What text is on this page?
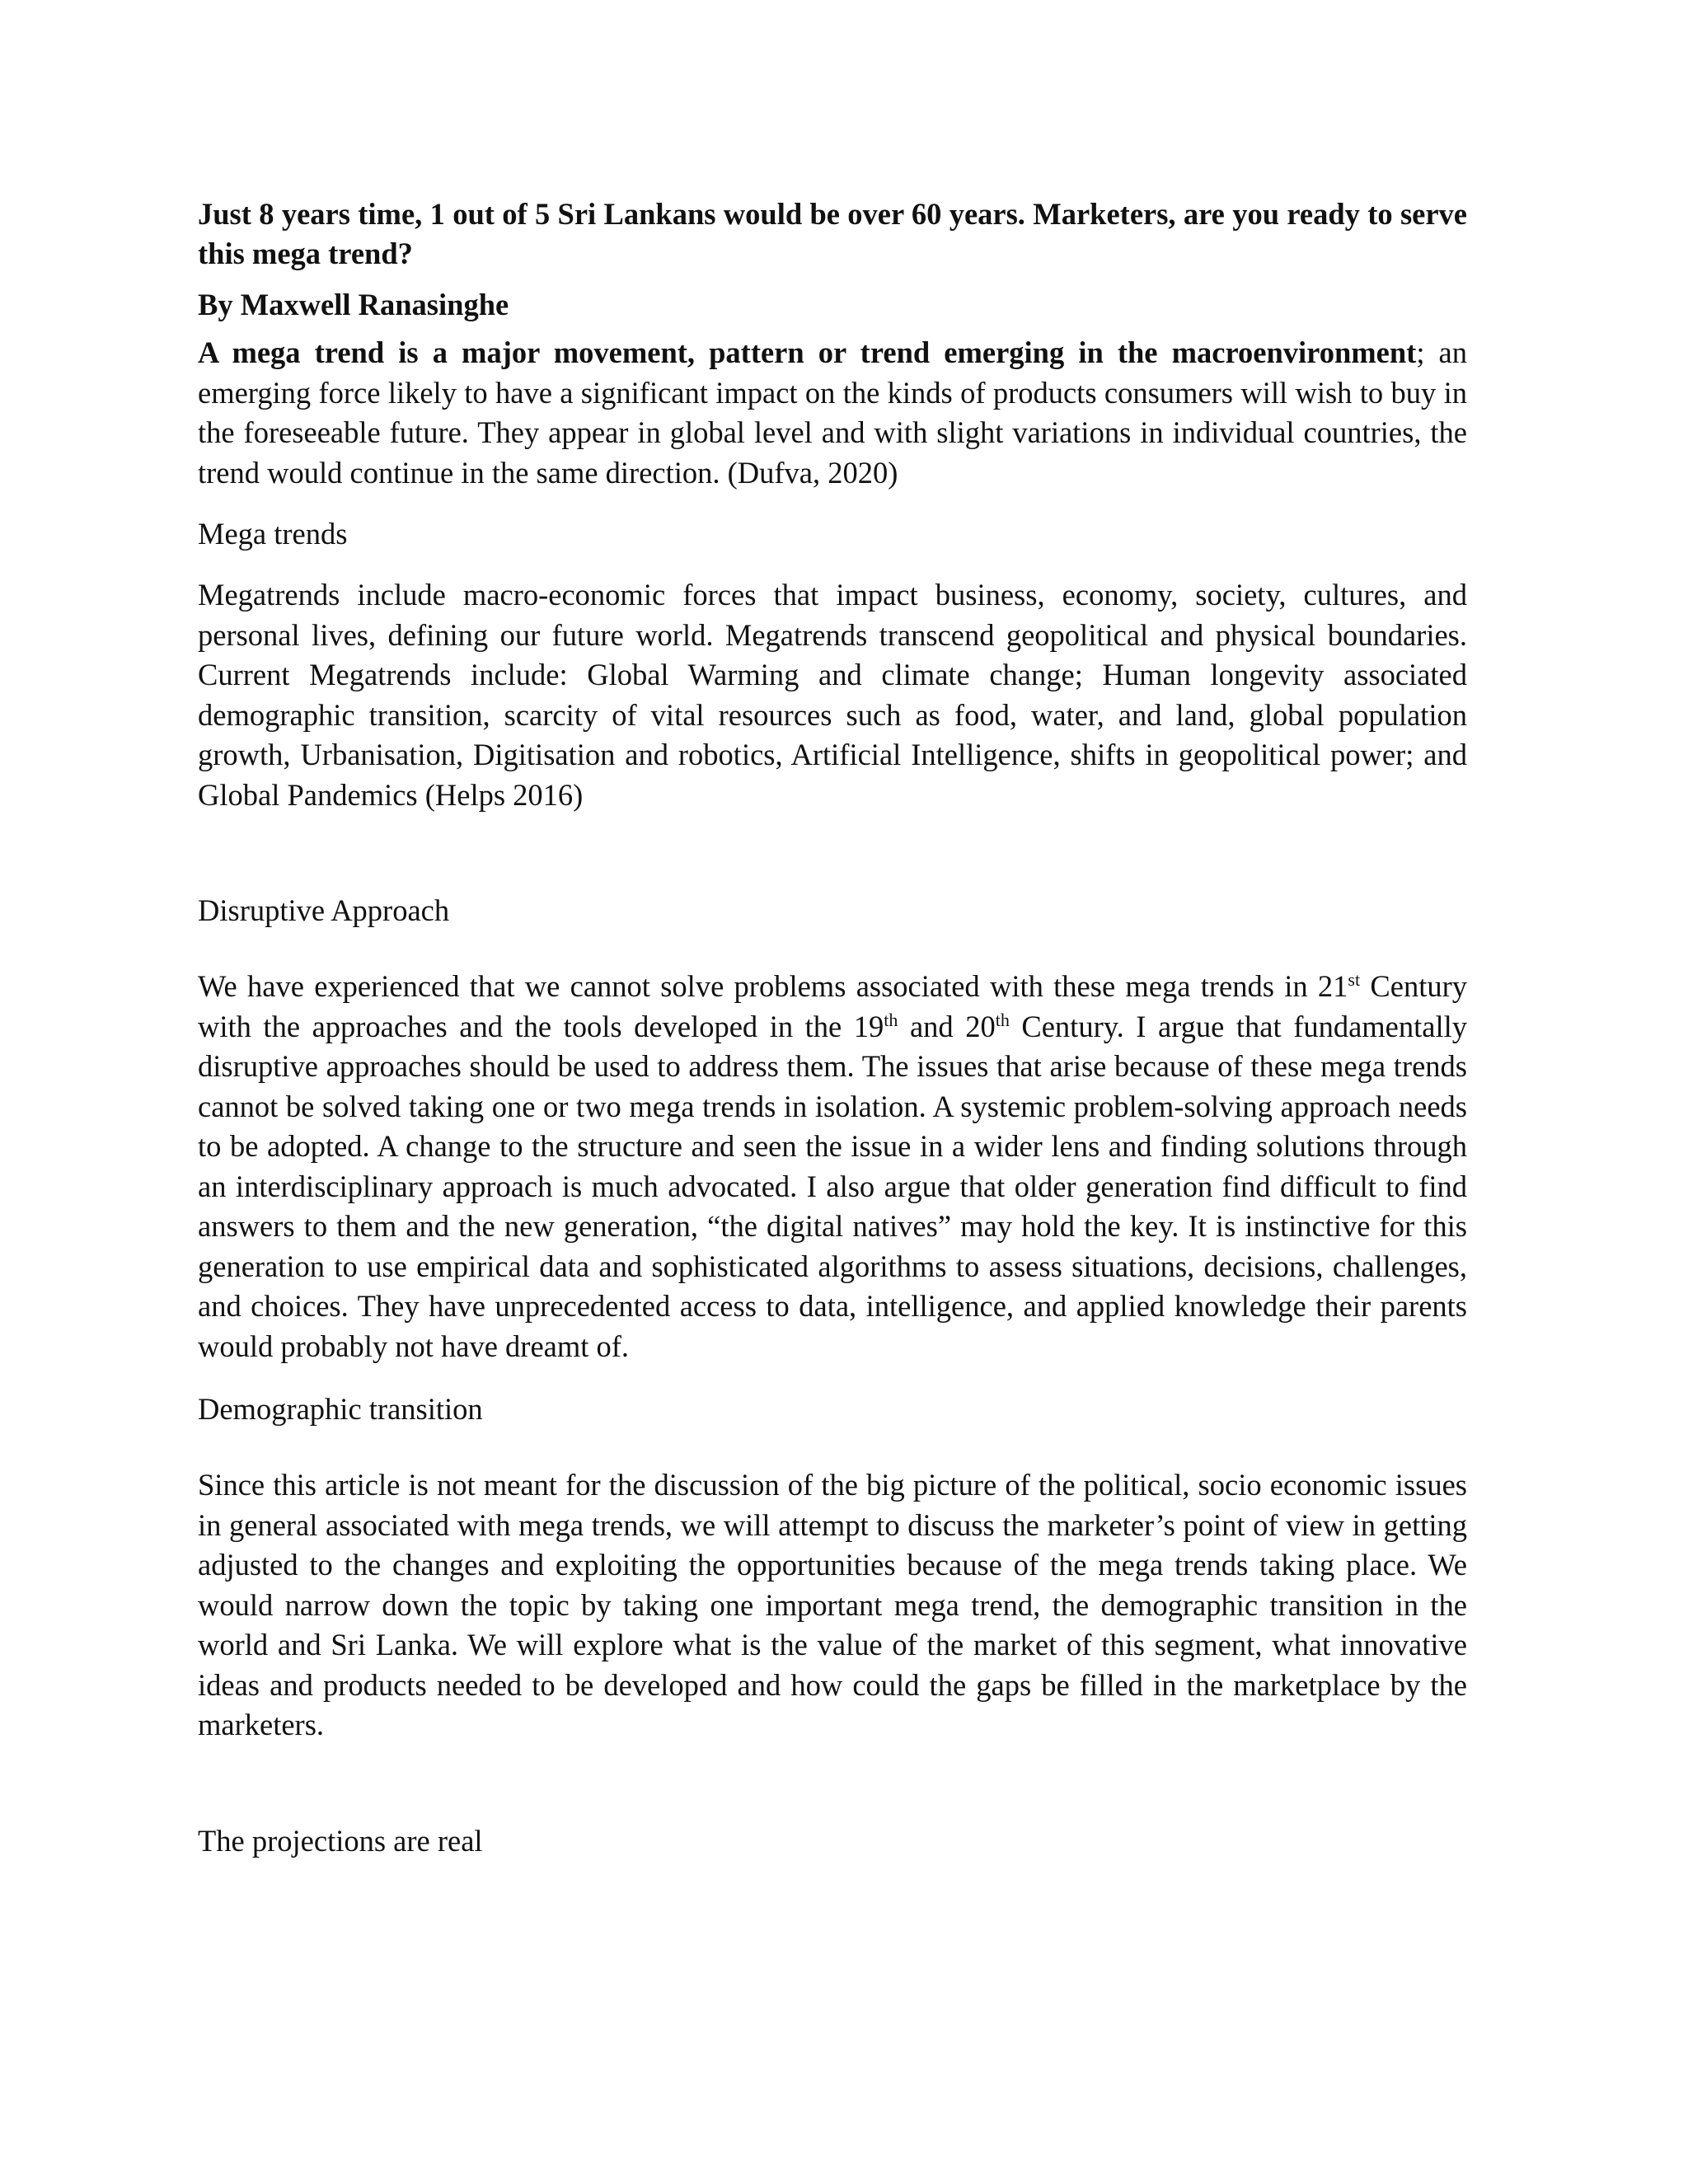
Just 8 years time, 1 out of 5 Sri Lankans would be over 60 years. Marketers, are you ready to serve this mega trend?

By Maxwell Ranasinghe

A mega trend is a major movement, pattern or trend emerging in the macroenvironment; an emerging force likely to have a significant impact on the kinds of products consumers will wish to buy in the foreseeable future. They appear in global level and with slight variations in individual countries, the trend would continue in the same direction. (Dufva, 2020)

Mega trends

Megatrends include macro-economic forces that impact business, economy, society, cultures, and personal lives, defining our future world. Megatrends transcend geopolitical and physical boundaries. Current Megatrends include: Global Warming and climate change; Human longevity associated demographic transition, scarcity of vital resources such as food, water, and land, global population growth, Urbanisation, Digitisation and robotics, Artificial Intelligence, shifts in geopolitical power; and Global Pandemics (Helps 2016)

Disruptive Approach

We have experienced that we cannot solve problems associated with these mega trends in 21st Century with the approaches and the tools developed in the 19th and 20th Century. I argue that fundamentally disruptive approaches should be used to address them. The issues that arise because of these mega trends cannot be solved taking one or two mega trends in isolation. A systemic problem-solving approach needs to be adopted. A change to the structure and seen the issue in a wider lens and finding solutions through an interdisciplinary approach is much advocated. I also argue that older generation find difficult to find answers to them and the new generation, “the digital natives” may hold the key. It is instinctive for this generation to use empirical data and sophisticated algorithms to assess situations, decisions, challenges, and choices. They have unprecedented access to data, intelligence, and applied knowledge their parents would probably not have dreamt of.

Demographic transition

Since this article is not meant for the discussion of the big picture of the political, socio economic issues in general associated with mega trends, we will attempt to discuss the marketer’s point of view in getting adjusted to the changes and exploiting the opportunities because of the mega trends taking place. We would narrow down the topic by taking one important mega trend, the demographic transition in the world and Sri Lanka. We will explore what is the value of the market of this segment, what innovative ideas and products needed to be developed and how could the gaps be filled in the marketplace by the marketers.

The projections are real
